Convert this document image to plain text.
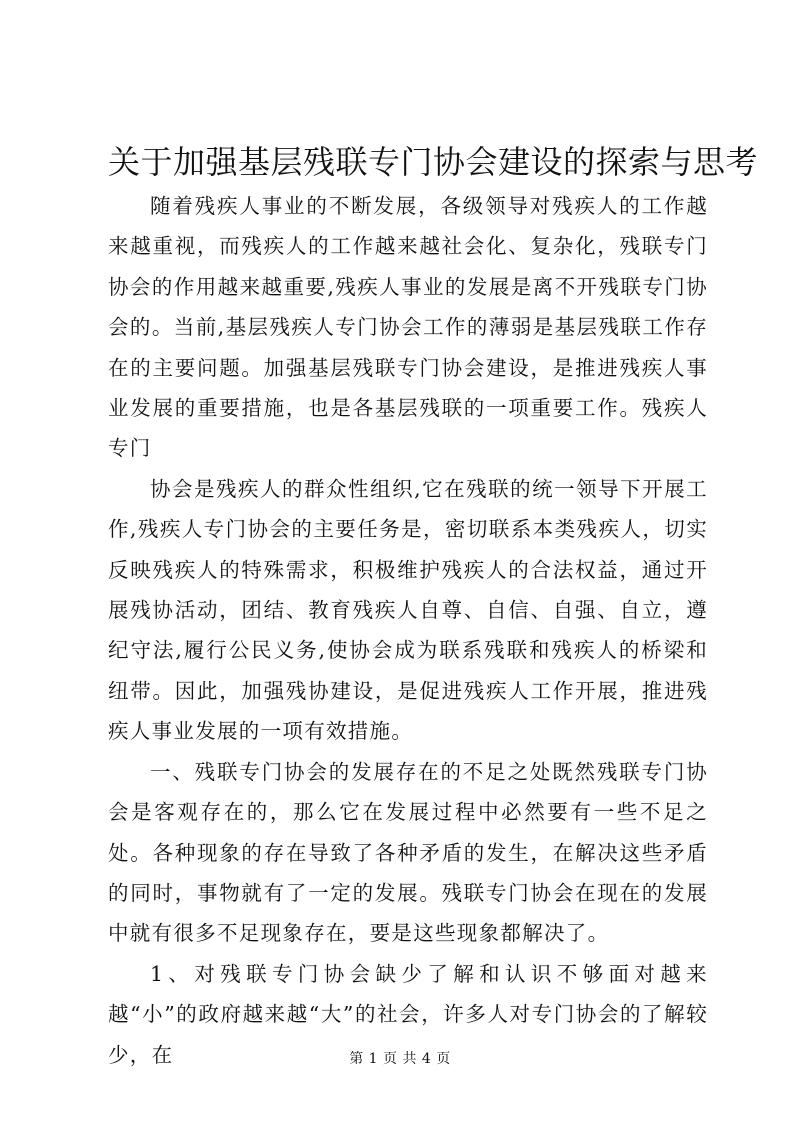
关于加强基层残联专门协会建设的探索与思考

随着残疾人事业的不断发展，各级领导对残疾人的工作越来越重视，而残疾人的工作越来越社会化、复杂化，残联专门协会的作用越来越重要,残疾人事业的发展是离不开残联专门协会的。当前,基层残疾人专门协会工作的薄弱是基层残联工作存在的主要问题。加强基层残联专门协会建设，是推进残疾人事业发展的重要措施，也是各基层残联的一项重要工作。残疾人专门

协会是残疾人的群众性组织,它在残联的统一领导下开展工作,残疾人专门协会的主要任务是，密切联系本类残疾人，切实反映残疾人的特殊需求，积极维护残疾人的合法权益，通过开展残协活动，团结、教育残疾人自尊、自信、自强、自立，遵纪守法,履行公民义务,使协会成为联系残联和残疾人的桥梁和纽带。因此，加强残协建设，是促进残疾人工作开展，推进残疾人事业发展的一项有效措施。

一、残联专门协会的发展存在的不足之处既然残联专门协会是客观存在的，那么它在发展过程中必然要有一些不足之处。各种现象的存在导致了各种矛盾的发生，在解决这些矛盾的同时，事物就有了一定的发展。残联专门协会在现在的发展中就有很多不足现象存在，要是这些现象都解决了。

1、对残联专门协会缺少了解和认识不够面对越来越“小”的政府越来越“大”的社会，许多人对专门协会的了解较少，在	第 1 页 共 4 页
